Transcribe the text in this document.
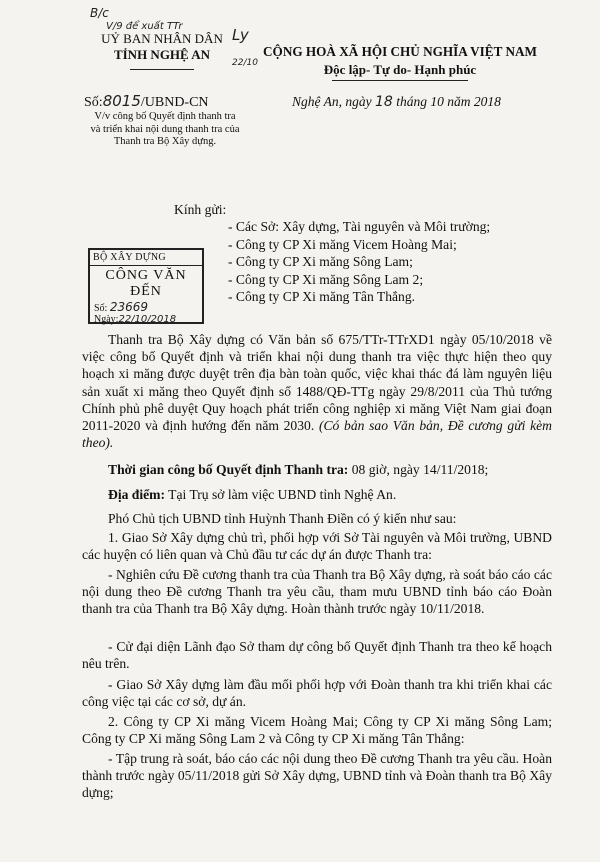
B/c
V/9 để xuất TTr	Ly
22/10
UỶ BAN NHÂN DÂN
TỈNH NGHỆ AN
Số:8015/UBND-CN
V/v công bố Quyết định thanh tra
và triển khai nội dung thanh tra của
Thanh tra Bộ Xây dựng.
CỘNG HOÀ XÃ HỘI CHỦ NGHĨA VIỆT NAM
Độc lập- Tự do- Hạnh phúc
Nghệ An, ngày 18 tháng 10 năm 2018
Kính gửi:
- Các Sở: Xây dựng, Tài nguyên và Môi trường;
- Công ty CP Xi măng Vicem Hoàng Mai;
- Công ty CP Xi măng Sông Lam;
- Công ty CP Xi măng Sông Lam 2;
- Công ty CP Xi măng Tân Thắng.
BỘ XÂY DỰNG
CÔNG VĂN ĐẾN
Số: 23669
Ngày:22/10/2018
Thanh tra Bộ Xây dựng có Văn bản số 675/TTr-TTrXD1 ngày 05/10/2018 về việc công bố Quyết định và triển khai nội dung thanh tra việc thực hiện theo quy hoạch xi măng được duyệt trên địa bàn toàn quốc, việc khai thác đá làm nguyên liệu sản xuất xi măng theo Quyết định số 1488/QĐ-TTg ngày 29/8/2011 của Thủ tướng Chính phủ phê duyệt Quy hoạch phát triển công nghiệp xi măng Việt Nam giai đoạn 2011-2020 và định hướng đến năm 2030. (Có bản sao Văn bản, Đề cương gửi kèm theo).
Thời gian công bố Quyết định Thanh tra: 08 giờ, ngày 14/11/2018;
Địa điểm: Tại Trụ sở làm việc UBND tỉnh Nghệ An.
Phó Chủ tịch UBND tỉnh Huỳnh Thanh Điền có ý kiến như sau:
1. Giao Sở Xây dựng chủ trì, phối hợp với Sở Tài nguyên và Môi trường, UBND các huyện có liên quan và Chủ đầu tư các dự án được Thanh tra:
- Nghiên cứu Đề cương thanh tra của Thanh tra Bộ Xây dựng, rà soát báo cáo các nội dung theo Đề cương Thanh tra yêu cầu, tham mưu UBND tỉnh báo cáo Đoàn thanh tra của Thanh tra Bộ Xây dựng. Hoàn thành trước ngày 10/11/2018.
- Cử đại diện Lãnh đạo Sở tham dự công bố Quyết định Thanh tra theo kế hoạch nêu trên.
- Giao Sở Xây dựng làm đầu mối phối hợp với Đoàn thanh tra khi triển khai các công việc tại các cơ sở, dự án.
2. Công ty CP Xi măng Vicem Hoàng Mai; Công ty CP Xi măng Sông Lam; Công ty CP Xi măng Sông Lam 2 và Công ty CP Xi măng Tân Thắng:
- Tập trung rà soát, báo cáo các nội dung theo Đề cương Thanh tra yêu cầu. Hoàn thành trước ngày 05/11/2018 gửi Sở Xây dựng, UBND tỉnh và Đoàn thanh tra Bộ Xây dựng;
